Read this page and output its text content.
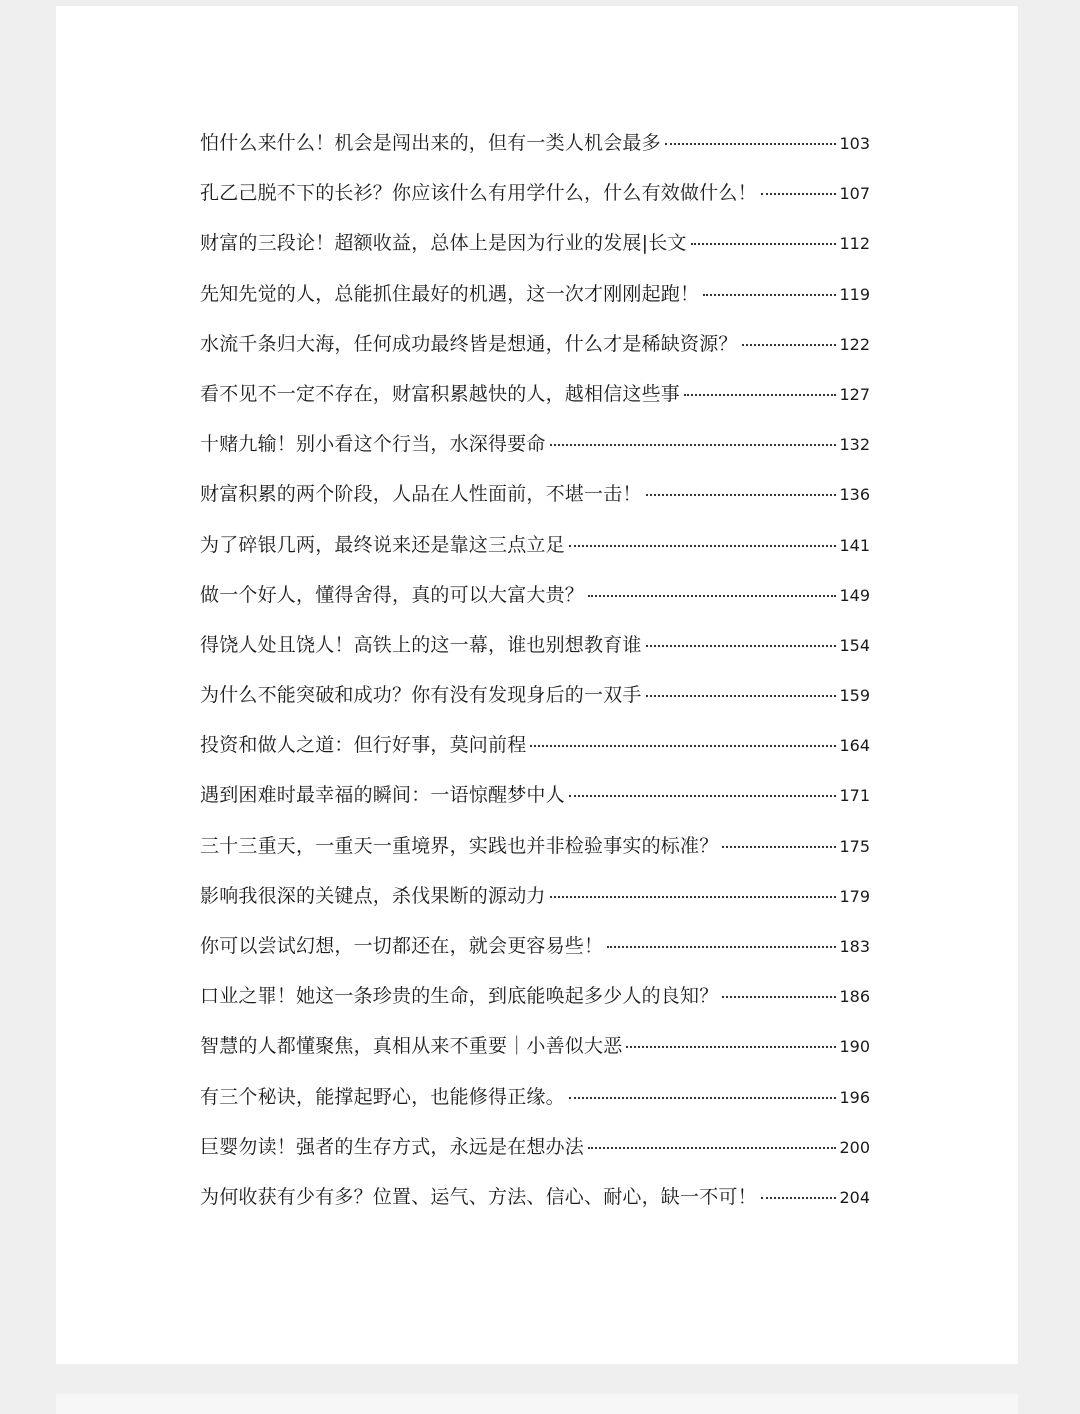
怕什么来什么！机会是闯出来的，但有一类人机会最多	103
孔乙己脱不下的长衫？你应该什么有用学什么，什么有效做什么！	107
财富的三段论！超额收益，总体上是因为行业的发展|长文	112
先知先觉的人，总能抓住最好的机遇，这一次才刚刚起跑！	119
水流千条归大海，任何成功最终皆是想通，什么才是稀缺资源？	122
看不见不一定不存在，财富积累越快的人，越相信这些事	127
十赌九输！别小看这个行当，水深得要命	132
财富积累的两个阶段，人品在人性面前，不堪一击！	136
为了碎银几两，最终说来还是靠这三点立足	141
做一个好人，懂得舍得，真的可以大富大贵？	149
得饶人处且饶人！高铁上的这一幕，谁也别想教育谁	154
为什么不能突破和成功？你有没有发现身后的一双手	159
投资和做人之道：但行好事，莫问前程	164
遇到困难时最幸福的瞬间：一语惊醒梦中人	171
三十三重天，一重天一重境界，实践也并非检验事实的标准？	175
影响我很深的关键点，杀伐果断的源动力	179
你可以尝试幻想，一切都还在，就会更容易些！	183
口业之罪！她这一条珍贵的生命，到底能唤起多少人的良知？	186
智慧的人都懂聚焦，真相从来不重要｜小善似大恶	190
有三个秘诀，能撑起野心，也能修得正缘。	196
巨婴勿读！强者的生存方式，永远是在想办法	200
为何收获有少有多？位置、运气、方法、信心、耐心，缺一不可！	204
